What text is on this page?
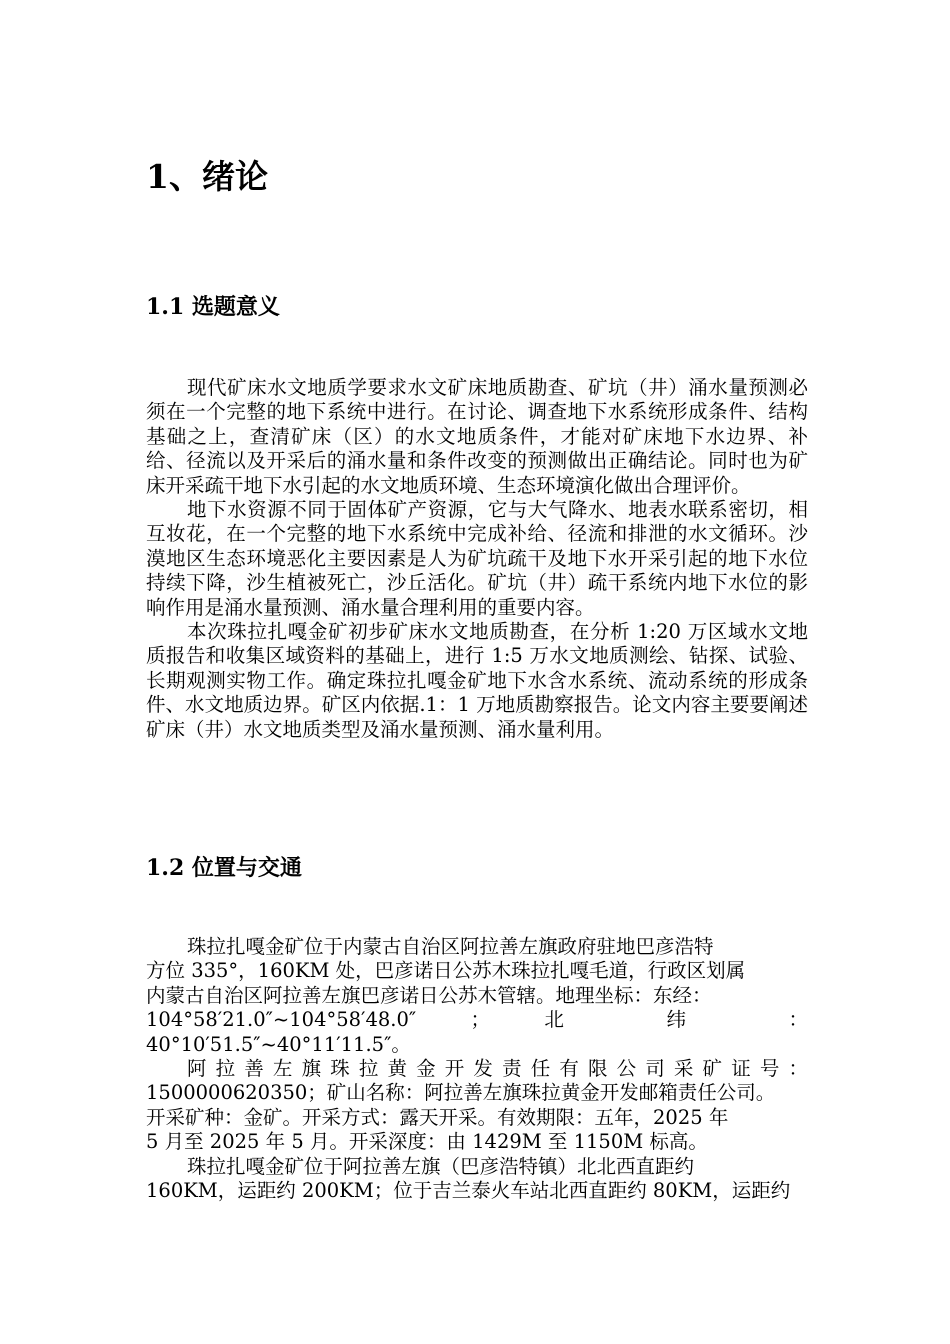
1、绪论
1.1 选题意义

现代矿床水文地质学要求水文矿床地质勘查、矿坑（井）涌水量预测必须在一个完整的地下系统中进行。在讨论、调查地下水系统形成条件、结构基础之上，查清矿床（区）的水文地质条件，才能对矿床地下水边界、补给、径流以及开采后的涌水量和条件改变的预测做出正确结论。同时也为矿床开采疏干地下水引起的水文地质环境、生态环境演化做出合理评价。

地下水资源不同于固体矿产资源，它与大气降水、地表水联系密切，相互妆花，在一个完整的地下水系统中完成补给、径流和排泄的水文循环。沙漠地区生态环境恶化主要因素是人为矿坑疏干及地下水开采引起的地下水位持续下降，沙生植被死亡，沙丘活化。矿坑（井）疏干系统内地下水位的影响作用是涌水量预测、涌水量合理利用的重要内容。

本次珠拉扎嘎金矿初步矿床水文地质勘查，在分析 1:20 万区域水文地质报告和收集区域资料的基础上，进行 1:5 万水文地质测绘、钻探、试验、长期观测实物工作。确定珠拉扎嘎金矿地下水含水系统、流动系统的形成条件、水文地质边界。矿区内依据.1：1 万地质勘察报告。论文内容主要要阐述矿床（井）水文地质类型及涌水量预测、涌水量利用。

1.2 位置与交通
珠拉扎嘎金矿位于内蒙古自治区阿拉善左旗政府驻地巴彦浩特
方位 335°，160KM 处，巴彦诺日公苏木珠拉扎嘎毛道，行政区划属
内蒙古自治区阿拉善左旗巴彦诺日公苏木管辖。地理坐标：东经：
104°58′21.0″~104°58′48.0″ ； 北 纬 ：
40°10′51.5″~40°11′11.5″。
阿拉善左旗珠拉黄金开发责任有限公司采矿证号：
1500000620350；矿山名称：阿拉善左旗珠拉黄金开发邮箱责任公司。
开采矿种：金矿。开采方式：露天开采。有效期限：五年，2025 年
5 月至 2025 年 5 月。开采深度：由 1429M 至 1150M 标高。
珠拉扎嘎金矿位于阿拉善左旗（巴彦浩特镇）北北西直距约
160KM，运距约 200KM；位于吉兰泰火车站北西直距约 80KM，运距约
